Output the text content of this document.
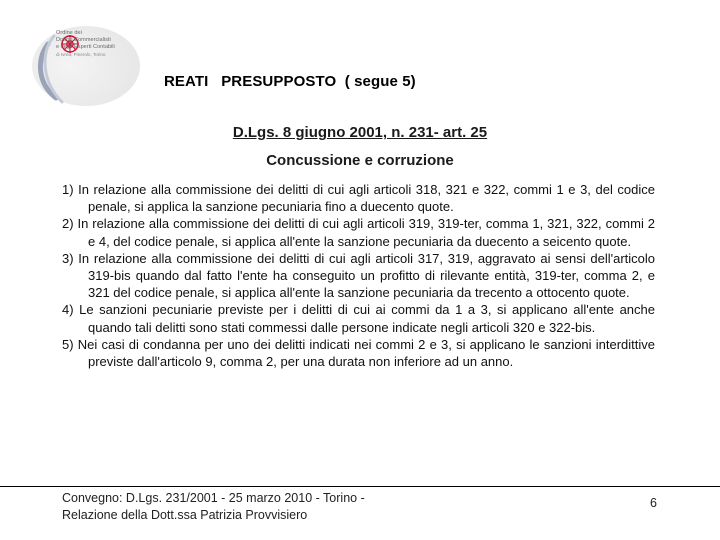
Ordine dei
Dottori Commercialisti
e degli Esperti Contabili
di Ivrea, Pinerolo, Torino
REATI   PRESUPPOSTO  ( segue 5)
D.Lgs. 8 giugno 2001, n. 231- art. 25
Concussione e corruzione

1) In relazione alla commissione dei delitti di cui agli articoli 318, 321 e 322, commi 1 e 3, del codice penale, si applica la sanzione pecuniaria fino a duecento quote.

2) In relazione alla commissione dei delitti di cui agli articoli 319, 319-ter, comma 1, 321, 322, commi 2 e 4, del codice penale, si applica all'ente la sanzione pecuniaria da duecento a seicento quote.

3) In relazione alla commissione dei delitti di cui agli articoli 317, 319, aggravato ai sensi dell'articolo 319-bis quando dal fatto l'ente ha conseguito un profitto di rilevante entità, 319-ter, comma 2, e 321 del codice penale, si applica all'ente la sanzione pecuniaria da trecento a ottocento quote.

4) Le sanzioni pecuniarie previste per i delitti di cui ai commi da 1 a 3, si applicano all'ente anche quando tali delitti sono stati commessi dalle persone indicate negli articoli 320 e 322-bis.

5) Nei casi di condanna per uno dei delitti indicati nei commi 2 e 3, si applicano le sanzioni interdittive previste dall'articolo 9, comma 2, per una durata non inferiore ad un anno.

Convegno: D.Lgs. 231/2001 - 25 marzo 2010 - Torino -
Relazione della Dott.ssa Patrizia Provvisiero
6
